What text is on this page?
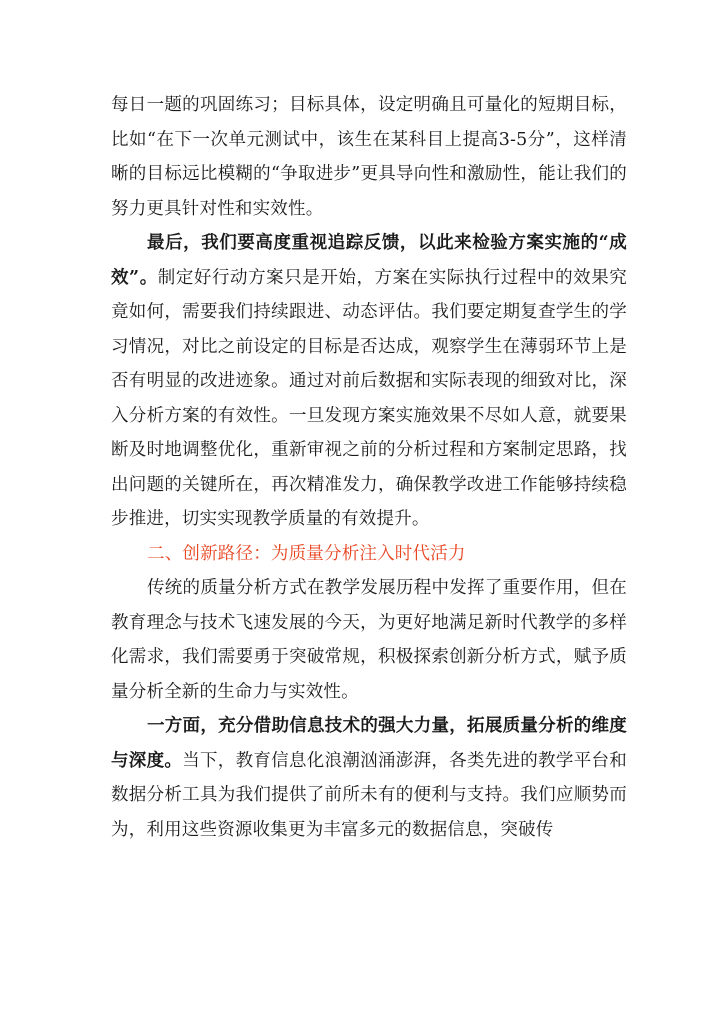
每日一题的巩固练习；目标具体，设定明确且可量化的短期目标，比如“在下一次单元测试中，该生在某科目上提高3-5分”，这样清晰的目标远比模糊的“争取进步”更具导向性和激励性，能让我们的努力更具针对性和实效性。

最后，我们要高度重视追踪反馈，以此来检验方案实施的“成效”。制定好行动方案只是开始，方案在实际执行过程中的效果究竟如何，需要我们持续跟进、动态评估。我们要定期复查学生的学习情况，对比之前设定的目标是否达成，观察学生在薄弱环节上是否有明显的改进迹象。通过对前后数据和实际表现的细致对比，深入分析方案的有效性。一旦发现方案实施效果不尽如人意，就要果断及时地调整优化，重新审视之前的分析过程和方案制定思路，找出问题的关键所在，再次精准发力，确保教学改进工作能够持续稳步推进，切实实现教学质量的有效提升。

二、创新路径：为质量分析注入时代活力

传统的质量分析方式在教学发展历程中发挥了重要作用，但在教育理念与技术飞速发展的今天，为更好地满足新时代教学的多样化需求，我们需要勇于突破常规，积极探索创新分析方式，赋予质量分析全新的生命力与实效性。

一方面，充分借助信息技术的强大力量，拓展质量分析的维度与深度。当下，教育信息化浪潮汹涌澎湃，各类先进的教学平台和数据分析工具为我们提供了前所未有的便利与支持。我们应顺势而为，利用这些资源收集更为丰富多元的数据信息，突破传
